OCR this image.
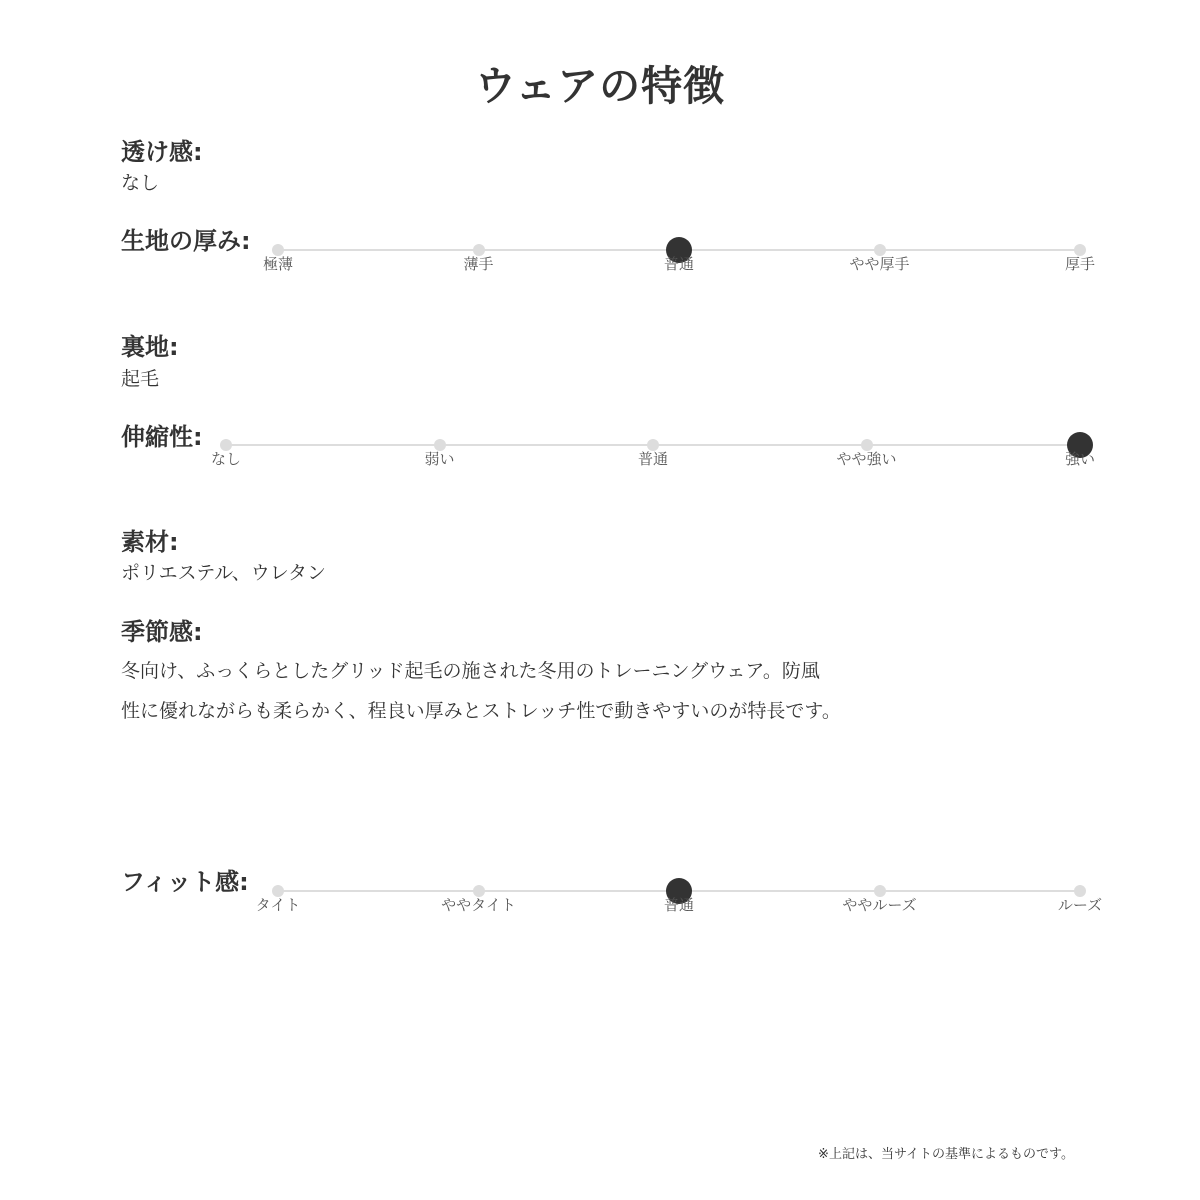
ウェアの特徴
透け感:
なし
生地の厚み:
極薄	薄手	普通	やや厚手	厚手
裏地:
起毛
伸縮性:
なし	弱い	普通	やや強い	強い
素材:
ポリエステル、ウレタン
季節感:
冬向け、ふっくらとしたグリッド起毛の施された冬用のトレーニングウェア。防風
性に優れながらも柔らかく、程良い厚みとストレッチ性で動きやすいのが特長です。
フィット感:
タイト	ややタイト	普通	ややルーズ	ルーズ
※上記は、当サイトの基準によるものです。
